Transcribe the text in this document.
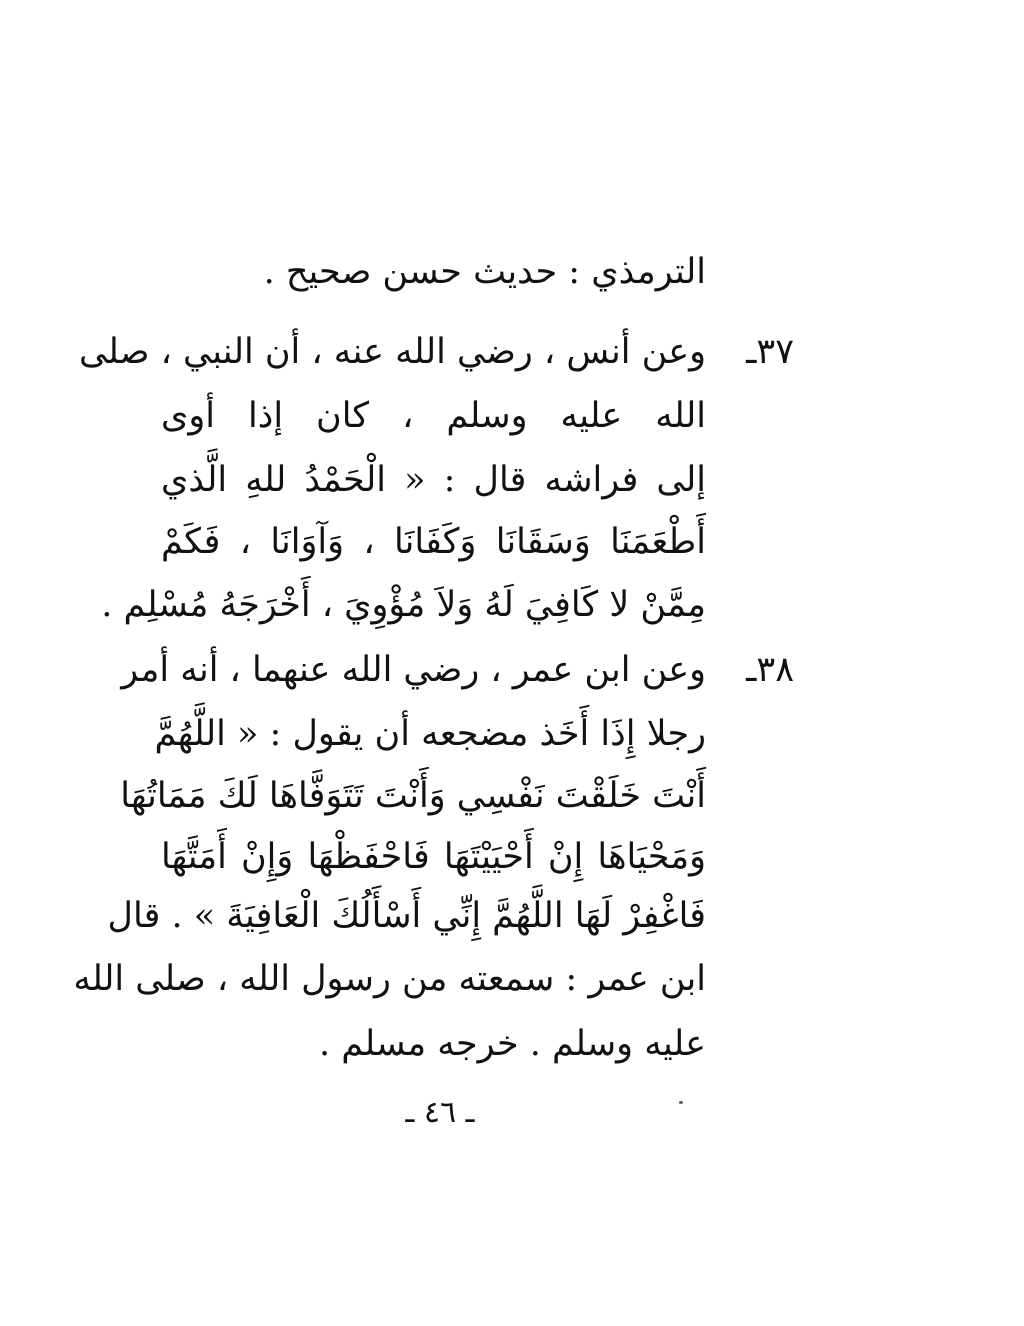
الترمذي : حديث حسن صحيح .
٣٧ـ
وعن أنس ، رضي الله عنه ، أن النبي ، صلى
الله عليه وسلم ، كان إذا أوى
إلى فراشه قال : « الْحَمْدُ للهِ الَّذي
أَطْعَمَنَا وَسَقَانَا وَكَفَانَا ، وَآوَانَا ، فَكَمْ
مِمَّنْ لا كَافِيَ لَهُ وَلاَ مُؤْوِيَ ، أَخْرَجَهُ مُسْلِم .
٣٨ـ
وعن ابن عمر ، رضي الله عنهما ، أنه أمر
رجلا إِذَا أَخَذ مضجعه أن يقول : « اللَّهُمَّ
أَنْتَ خَلَقْتَ نَفْسِي وَأَنْتَ تَتَوَفَّاهَا لَكَ مَمَاتُهَا
وَمَحْيَاهَا إِنْ أَحْيَيْتَهَا فَاحْفَظْهَا وَإِنْ أَمَتَّهَا
فَاغْفِرْ لَهَا اللَّهُمَّ إِنِّي أَسْأَلُكَ الْعَافِيَةَ » . قال
ابن عمر : سمعته من رسول الله ، صلى الله
عليه وسلم . خرجه مسلم .
ـ ٤٦ ـ
